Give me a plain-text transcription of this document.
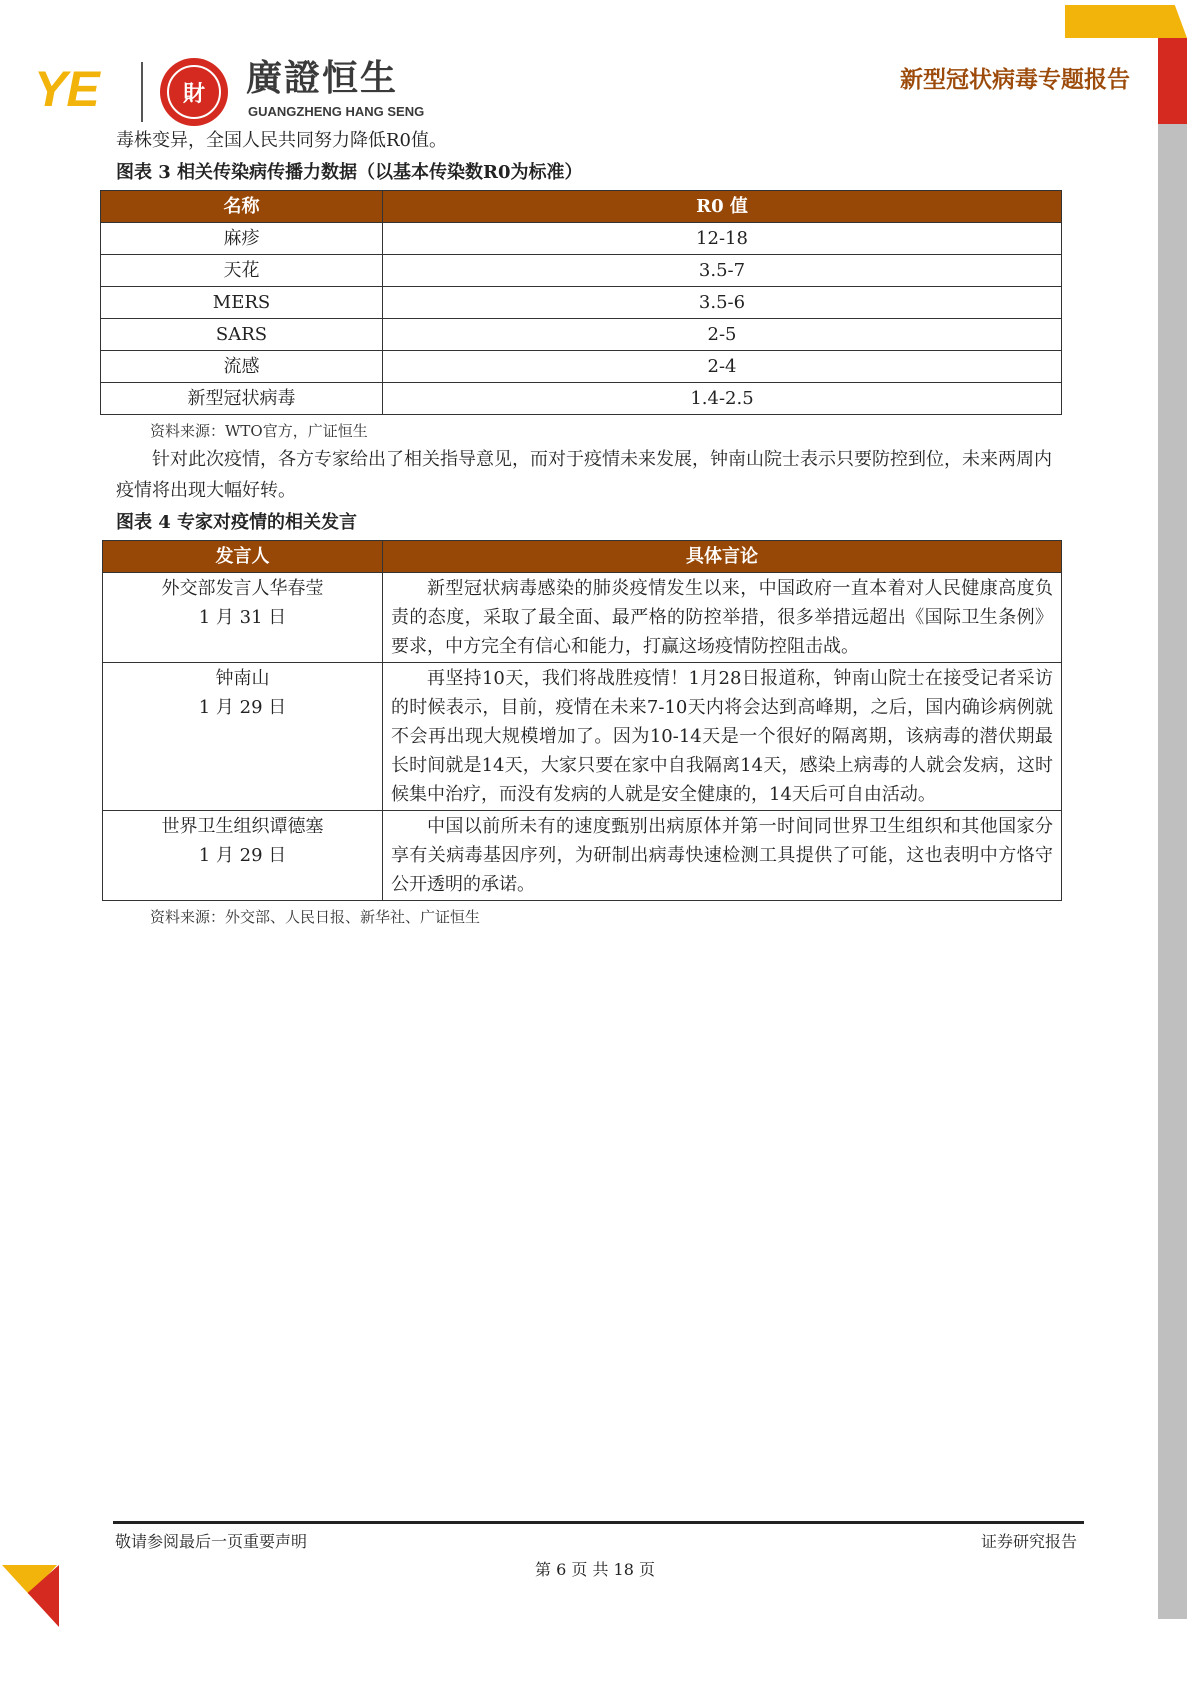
YE	財	廣證恒生
GUANGZHENG HANG SENG
新型冠状病毒专题报告
毒株变异，全国人民共同努力降低R0值。
图表 3 相关传染病传播力数据（以基本传染数R0为标准）
名称	R0 值
麻疹	12-18
天花	3.5-7
MERS	3.5-6
SARS	2-5
流感	2-4
新型冠状病毒	1.4-2.5
资料来源：WTO官方，广证恒生
针对此次疫情，各方专家给出了相关指导意见，而对于疫情未来发展，钟南山院士表示只要防控到位，未来两周内疫情将出现大幅好转。
图表 4 专家对疫情的相关发言
发言人	具体言论

外交部发言人华春莹
1 月 31 日	新型冠状病毒感染的肺炎疫情发生以来，中国政府一直本着对人民健康高度负责的态度，采取了最全面、最严格的防控举措，很多举措远超出《国际卫生条例》要求，中方完全有信心和能力，打赢这场疫情防控阻击战。

钟南山
1 月 29 日	再坚持10天，我们将战胜疫情！1月28日报道称，钟南山院士在接受记者采访的时候表示，目前，疫情在未来7-10天内将会达到高峰期，之后，国内确诊病例就不会再出现大规模增加了。因为10-14天是一个很好的隔离期，该病毒的潜伏期最长时间就是14天，大家只要在家中自我隔离14天，感染上病毒的人就会发病，这时候集中治疗，而没有发病的人就是安全健康的，14天后可自由活动。

世界卫生组织谭德塞
1 月 29 日	中国以前所未有的速度甄别出病原体并第一时间同世界卫生组织和其他国家分享有关病毒基因序列，为研制出病毒快速检测工具提供了可能，这也表明中方恪守公开透明的承诺。
资料来源：外交部、人民日报、新华社、广证恒生
敬请参阅最后一页重要声明	证券研究报告
第 6 页 共 18 页
